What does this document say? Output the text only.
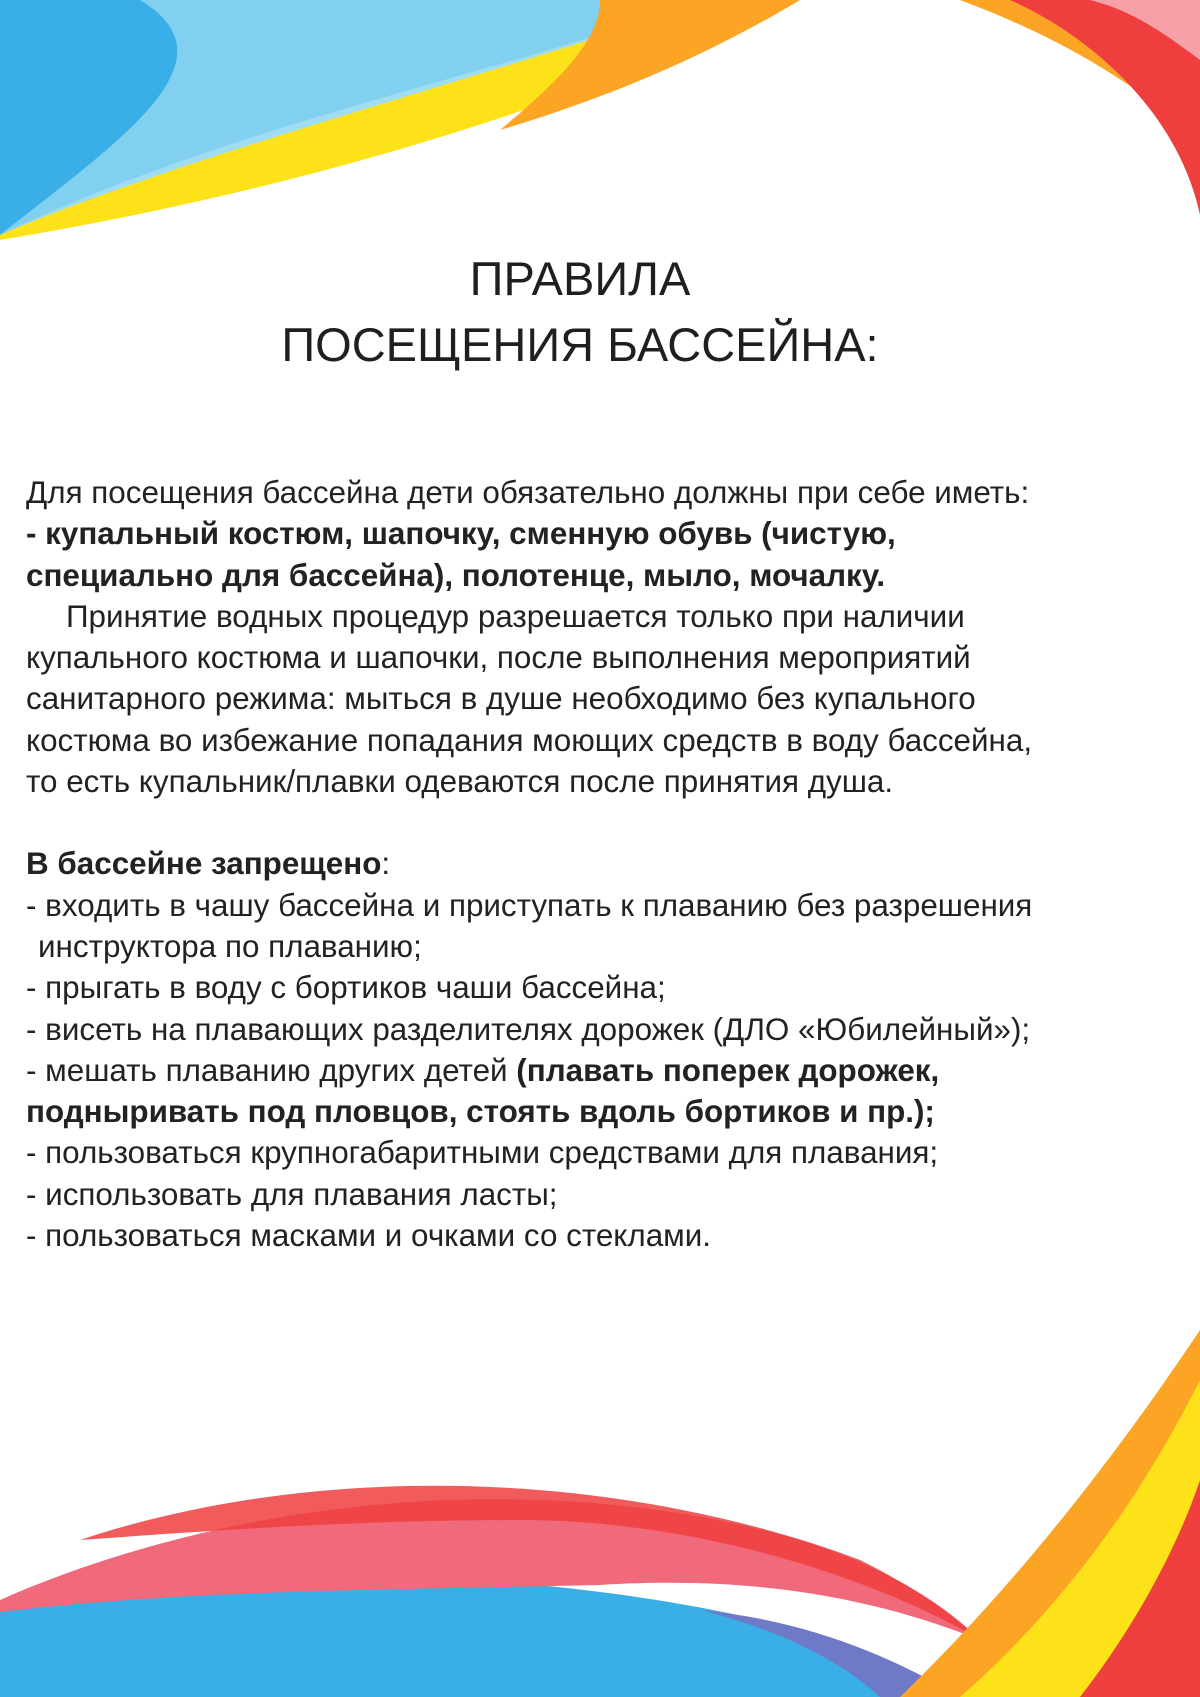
ПРАВИЛА
ПОСЕЩЕНИЯ БАССЕЙНА:

Для посещения бассейна дети обязательно должны при себе иметь:

- купальный костюм, шапочку, сменную обувь (чистую,

специально для бассейна), полотенце, мыло, мочалку.

Принятие водных процедур разрешается только при наличии

купального костюма и шапочки, после выполнения мероприятий

санитарного режима: мыться в душе необходимо без купального

костюма во избежание попадания моющих средств в воду бассейна,

то есть купальник/плавки одеваются после принятия душа.

В бассейне запрещено:

- входить в чашу бассейна и приступать к плаванию без разрешения

инструктора по плаванию;

- прыгать в воду с бортиков чаши бассейна;

- висеть на плавающих разделителях дорожек (ДЛО «Юбилейный»);

- мешать плаванию других детей (плавать поперек дорожек,

подныривать под пловцов, стоять вдоль бортиков и пр.);

- пользоваться крупногабаритными средствами для плавания;

- использовать для плавания ласты;

- пользоваться масками и очками со стеклами.
